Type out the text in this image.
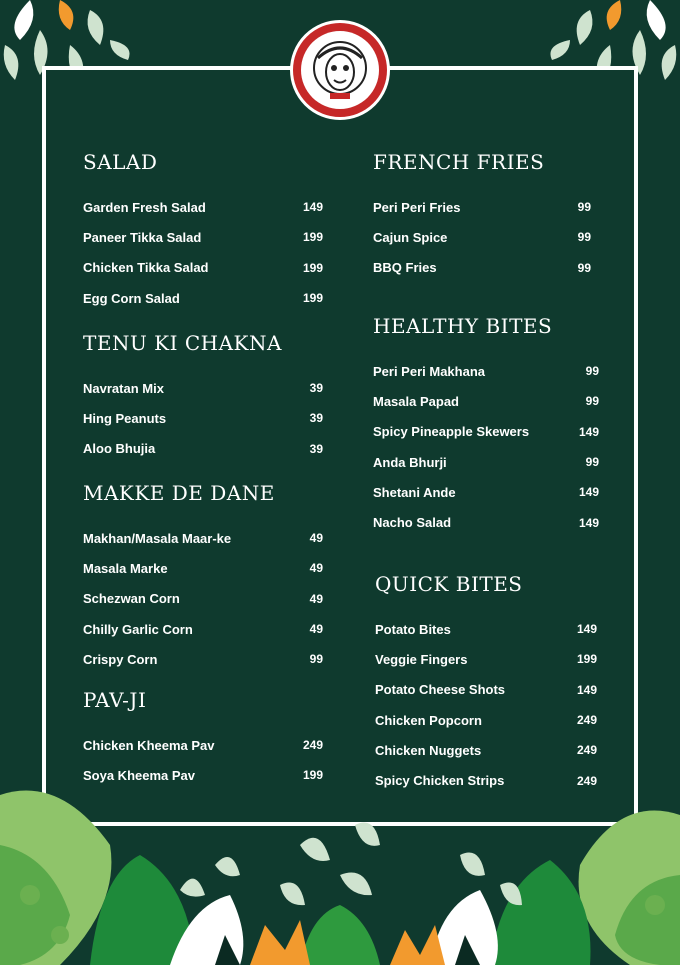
SALAD
Garden Fresh Salad	149
Paneer Tikka Salad	199
Chicken Tikka Salad	199
Egg Corn Salad	199
TENU KI CHAKNA
Navratan Mix	39
Hing Peanuts	39
Aloo Bhujia	39
MAKKE DE DANE
Makhan/Masala Maar-ke	49
Masala Marke	49
Schezwan Corn	49
Chilly Garlic Corn	49
Crispy Corn	99
PAV-JI
Chicken Kheema Pav	249
Soya Kheema Pav	199
FRENCH FRIES
Peri Peri Fries	99
Cajun Spice	99
BBQ Fries	99
HEALTHY BITES
Peri Peri Makhana	99
Masala Papad	99
Spicy Pineapple Skewers	149
Anda Bhurji	99
Shetani Ande	149
Nacho Salad	149
QUICK BITES
Potato Bites	149
Veggie Fingers	199
Potato Cheese Shots	149
Chicken Popcorn	249
Chicken Nuggets	249
Spicy Chicken Strips	249
